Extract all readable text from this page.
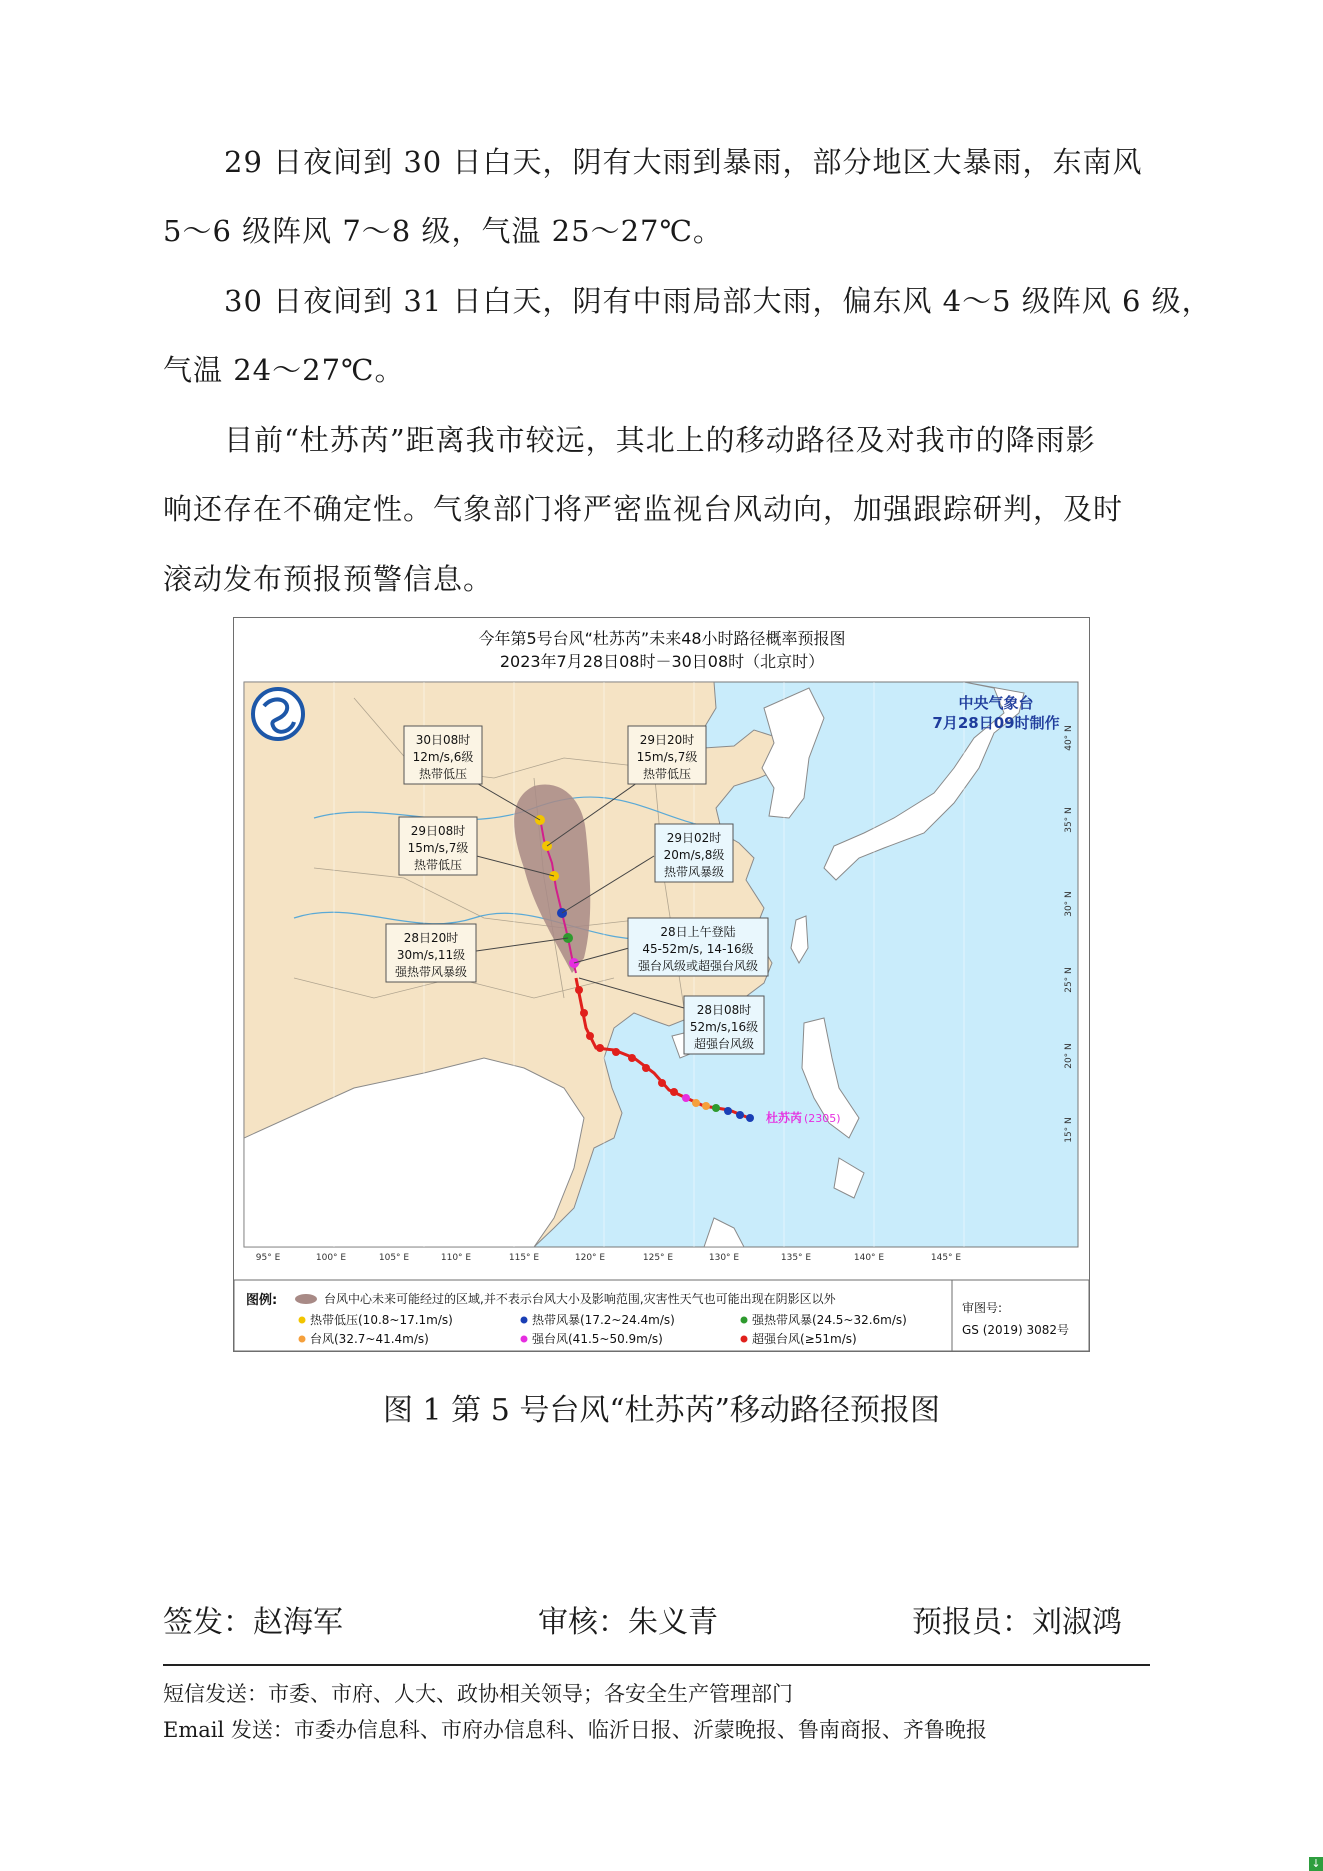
29 日夜间到 30 日白天，阴有大雨到暴雨，部分地区大暴雨，东南风
5～6 级阵风 7～8 级，气温 25～27℃。
30 日夜间到 31 日白天，阴有中雨局部大雨，偏东风 4～5 级阵风 6 级，
气温 24～27℃。
目前“杜苏芮”距离我市较远，其北上的移动路径及对我市的降雨影
响还存在不确定性。气象部门将严密监视台风动向，加强跟踪研判，及时
滚动发布预报预警信息。
今年第5号台风“杜苏芮”未来48小时路径概率预报图
2023年7月28日08时－30日08时（北京时）
中央气象台
7月28日09时制作
30日08时
12m/s,6级
热带低压
29日20时
15m/s,7级
热带低压
29日08时
15m/s,7级
热带低压
29日02时
20m/s,8级
热带风暴级
28日上午登陆
45-52m/s, 14-16级
强台风级或超强台风级
28日20时
30m/s,11级
强热带风暴级
28日08时
52m/s,16级
超强台风级
杜苏芮 (2305)
95° E	100° E	105° E	110° E	115° E	120° E	125° E	130° E	135° E	140° E	145° E
40° N
35° N
30° N
25° N
20° N
15° N
图例:	台风中心未来可能经过的区域,并不表示台风大小及影响范围,灾害性天气也可能出现在阴影区以外
热带低压(10.8~17.1m/s)	热带风暴(17.2~24.4m/s)	强热带风暴(24.5~32.6m/s)
台风(32.7~41.4m/s)	强台风(41.5~50.9m/s)	超强台风(≥51m/s)
审图号:
GS (2019) 3082号
图 1 第 5 号台风“杜苏芮”移动路径预报图
签发：赵海军	审核：朱义青	预报员：刘淑鸿
短信发送：市委、市府、人大、政协相关领导；各安全生产管理部门
Email 发送：市委办信息科、市府办信息科、临沂日报、沂蒙晚报、鲁南商报、齐鲁晚报
↓
